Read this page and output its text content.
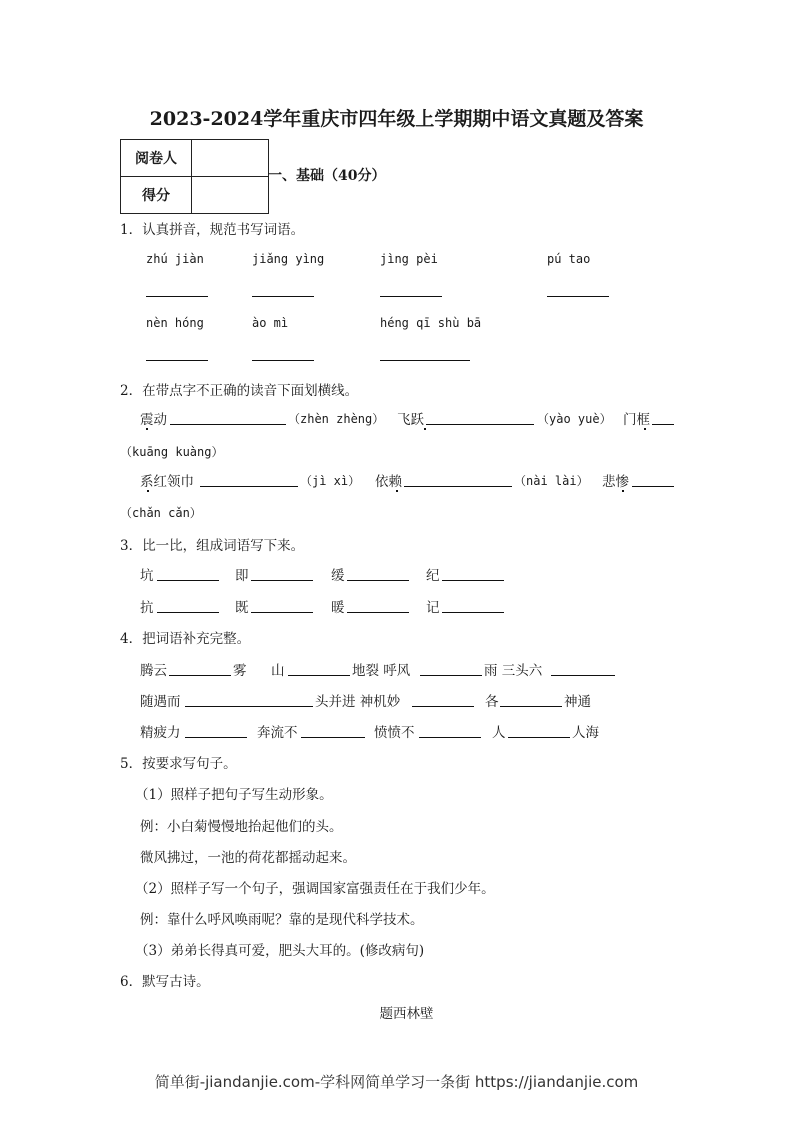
2023-2024学年重庆市四年级上学期期中语文真题及答案
阅卷人	
得分	
一、基础（40分）
1．认真拼音，规范书写词语。
zhú jiàn	jiǎng yìng	jìng pèi	pú tao
nèn hóng	ào mì	héng qī shù bā
2．在带点字不正确的读音下面划横线。
震动	（zhèn zhèng） 飞跃	（yào yuè） 门框
（kuāng kuàng）
系红领巾	（jì xì） 依赖	（nài lài） 悲惨
（chǎn cǎn）
3．比一比，组成词语写下来。
坑	即	缓	纪
抗	既	暖	记
4．把词语补充完整。
腾云	雾 山	地裂 呼风	雨 三头六
随遇而	头并进 神机妙	各	神通
精疲力	奔流不	愤愤不	人	人海
5．按要求写句子。
（1）照样子把句子写生动形象。
例：小白菊慢慢地抬起他们的头。
微风拂过，一池的荷花都摇动起来。
（2）照样子写一个句子，强调国家富强责任在于我们少年。
例：靠什么呼风唤雨呢？靠的是现代科学技术。
（3）弟弟长得真可爱，肥头大耳的。(修改病句)
6．默写古诗。
题西林壁
简单街-jiandanjie.com-学科网简单学习一条街 https://jiandanjie.com
